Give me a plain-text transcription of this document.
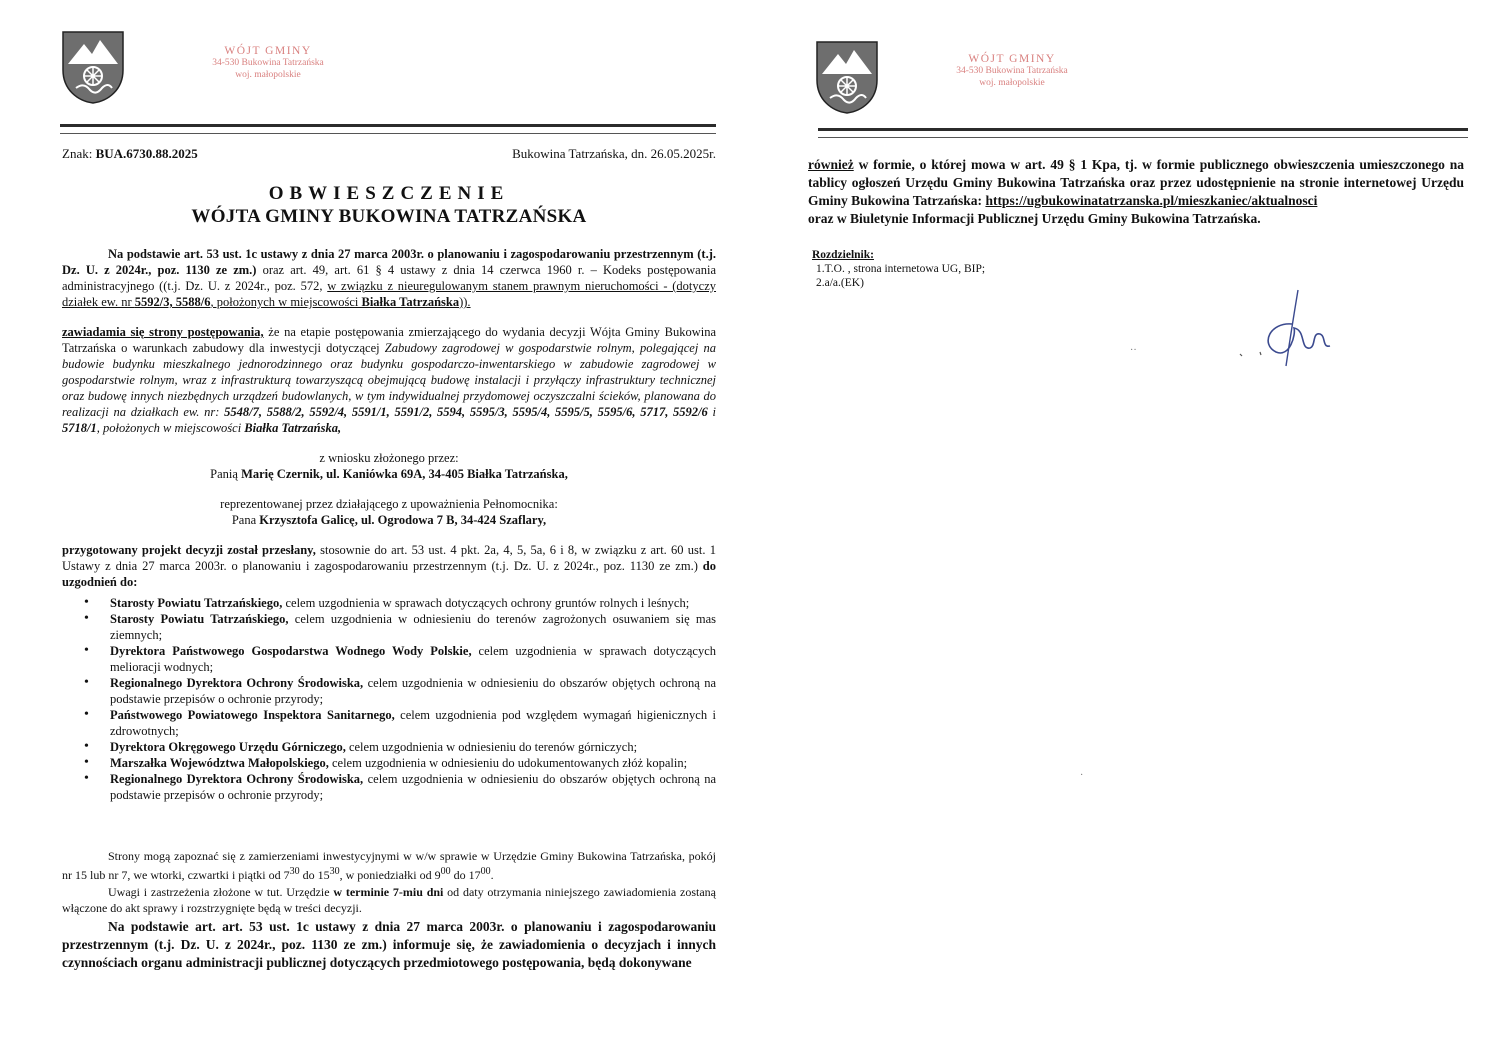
WÓJT GMINY
34-530 Bukowina Tatrzańska
woj. małopolskie
Znak: BUA.6730.88.2025	Bukowina Tatrzańska, dn. 26.05.2025r.
OBWIESZCZENIE
WÓJTA GMINY BUKOWINA TATRZAŃSKA
Na podstawie art. 53 ust. 1c ustawy z dnia 27 marca 2003r. o planowaniu i zagospodarowaniu przestrzennym (t.j. Dz. U. z 2024r., poz. 1130 ze zm.) oraz art. 49, art. 61 § 4 ustawy z dnia 14 czerwca 1960 r. – Kodeks postępowania administracyjnego ((t.j. Dz. U. z 2024r., poz. 572, w związku z nieuregulowanym stanem prawnym nieruchomości - (dotyczy działek ew. nr 5592/3, 5588/6, położonych w miejscowości Białka Tatrzańska)).
zawiadamia się strony postępowania, że na etapie postępowania zmierzającego do wydania decyzji Wójta Gminy Bukowina Tatrzańska o warunkach zabudowy dla inwestycji dotyczącej Zabudowy zagrodowej w gospodarstwie rolnym, polegającej na budowie budynku mieszkalnego jednorodzinnego oraz budynku gospodarczo-inwentarskiego w zabudowie zagrodowej w gospodarstwie rolnym, wraz z infrastrukturą towarzyszącą obejmującą budowę instalacji i przyłączy infrastruktury technicznej oraz budowę innych niezbędnych urządzeń budowlanych, w tym indywidualnej przydomowej oczyszczalni ścieków, planowana do realizacji na działkach ew. nr: 5548/7, 5588/2, 5592/4, 5591/1, 5591/2, 5594, 5595/3, 5595/4, 5595/5, 5595/6, 5717, 5592/6 i 5718/1, położonych w miejscowości Białka Tatrzańska,
z wniosku złożonego przez:
Panią Marię Czernik, ul. Kaniówka 69A, 34-405 Białka Tatrzańska,
reprezentowanej przez działającego z upoważnienia Pełnomocnika:
Pana Krzysztofa Galicę, ul. Ogrodowa 7 B, 34-424 Szaflary,
przygotowany projekt decyzji został przesłany, stosownie do art. 53 ust. 4 pkt. 2a, 4, 5, 5a, 6 i 8, w związku z art. 60 ust. 1 Ustawy z dnia 27 marca 2003r. o planowaniu i zagospodarowaniu przestrzennym (t.j. Dz. U. z 2024r., poz. 1130 ze zm.) do uzgodnień do:
•	Starosty Powiatu Tatrzańskiego, celem uzgodnienia w sprawach dotyczących ochrony gruntów rolnych i leśnych;
•	Starosty Powiatu Tatrzańskiego, celem uzgodnienia w odniesieniu do terenów zagrożonych osuwaniem się mas ziemnych;
•	Dyrektora Państwowego Gospodarstwa Wodnego Wody Polskie, celem uzgodnienia w sprawach dotyczących melioracji wodnych;
•	Regionalnego Dyrektora Ochrony Środowiska, celem uzgodnienia w odniesieniu do obszarów objętych ochroną na podstawie przepisów o ochronie przyrody;
•	Państwowego Powiatowego Inspektora Sanitarnego, celem uzgodnienia pod względem wymagań higienicznych i zdrowotnych;
•	Dyrektora Okręgowego Urzędu Górniczego, celem uzgodnienia w odniesieniu do terenów górniczych;
•	Marszałka Województwa Małopolskiego, celem uzgodnienia w odniesieniu do udokumentowanych złóż kopalin;
•	Regionalnego Dyrektora Ochrony Środowiska, celem uzgodnienia w odniesieniu do obszarów objętych ochroną na podstawie przepisów o ochronie przyrody;
Strony mogą zapoznać się z zamierzeniami inwestycyjnymi w w/w sprawie w Urzędzie Gminy Bukowina Tatrzańska, pokój nr 15 lub nr 7, we wtorki, czwartki i piątki od $7^{30}$ do $15^{30}$, w poniedziałki od $9^{00}$ do $17^{00}$.
Uwagi i zastrzeżenia złożone w tut. Urzędzie w terminie 7-miu dni od daty otrzymania niniejszego zawiadomienia zostaną włączone do akt sprawy i rozstrzygnięte będą w treści decyzji.
Na podstawie art. art. 53 ust. 1c ustawy z dnia 27 marca 2003r. o planowaniu i zagospodarowaniu przestrzennym (t.j. Dz. U. z 2024r., poz. 1130 ze zm.) informuje się, że zawiadomienia o decyzjach i innych czynnościach organu administracji publicznej dotyczących przedmiotowego postępowania, będą dokonywane
WÓJT GMINY
34-530 Bukowina Tatrzańska
woj. małopolskie
również w formie, o której mowa w art. 49 § 1 Kpa, tj. w formie publicznego obwieszczenia umieszczonego na tablicy ogłoszeń Urzędu Gminy Bukowina Tatrzańska oraz przez udostępnienie na stronie internetowej Urzędu Gminy Bukowina Tatrzańska: https://ugbukowinatatrzanska.pl/mieszkaniec/aktualnosci
oraz w Biuletynie Informacji Publicznej Urzędu Gminy Bukowina Tatrzańska.
Rozdzielnik:
1.T.O. , strona internetowa UG, BIP;
2.a/a.(EK)
··
·
